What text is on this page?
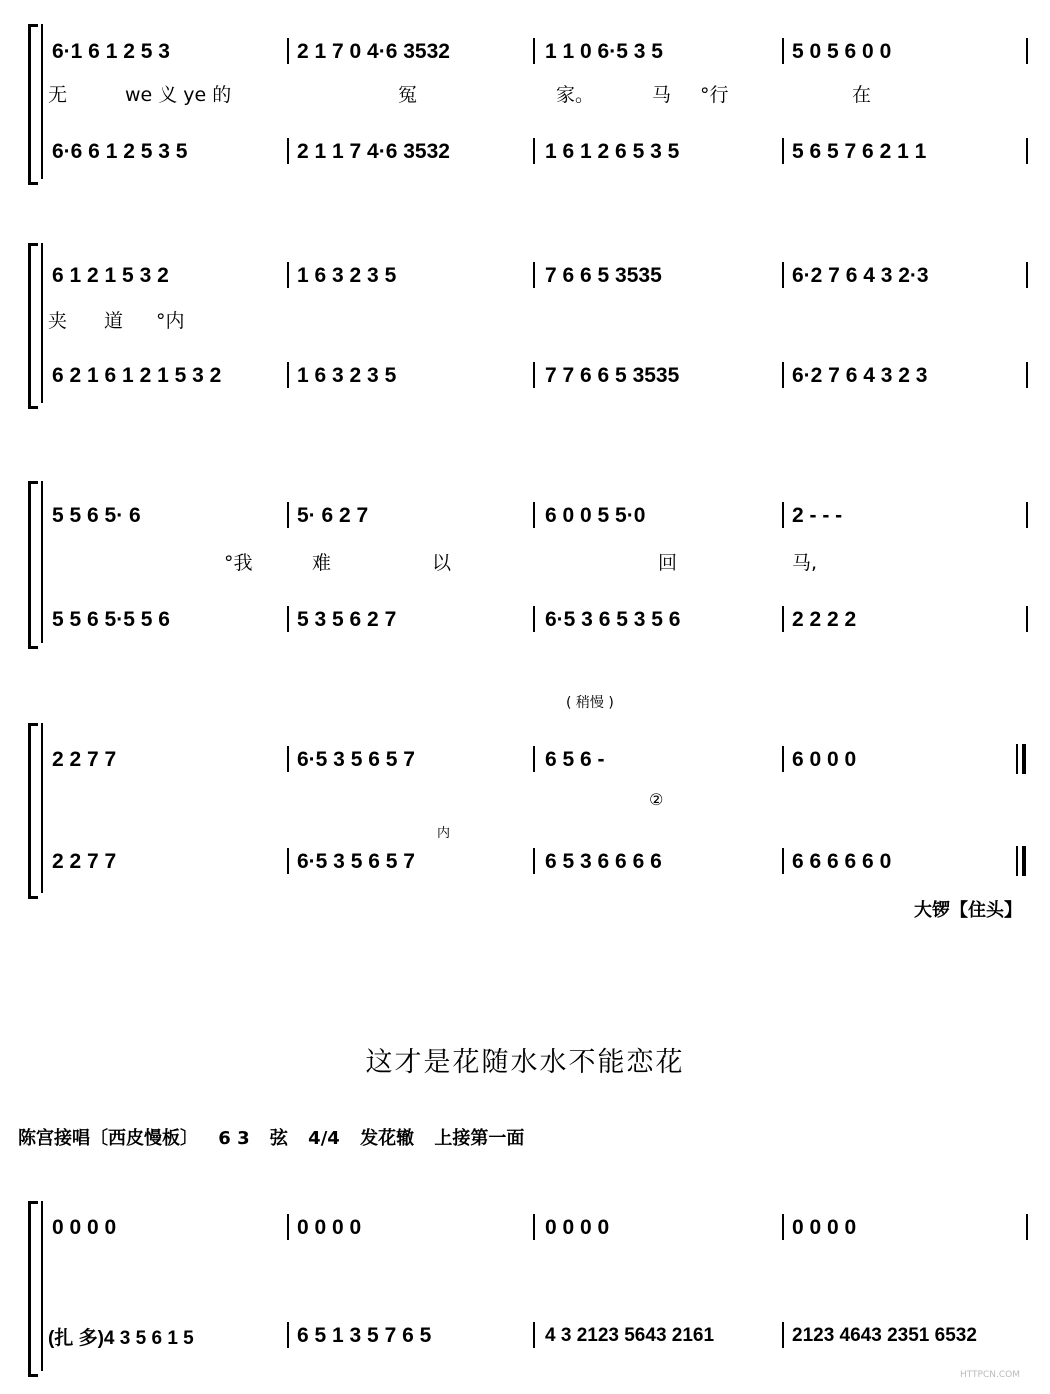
6·1 6 1 2 5 3	2 1 7 0 4·6 3532	1 1 0 6·5 3 5	5 0 5 6 0 0
无	we 义 ye 的	冤	家。	马 °行	在
6·6 6 1 2 5 3 5	2 1 1 7 4·6 3532	1 6 1 2 6 5 3 5	5 6 5 7 6 2 1 1
6 1 2 1 5 3 2	1 6 3 2 3 5	7 6 6 5 3535	6·2 7 6 4 3 2·3
夹 道 °内
6 2 1 6 1 2 1 5 3 2	1 6 3 2 3 5	7 7 6 6 5 3535	6·2 7 6 4 3 2 3
5 5 6 5· 6	5· 6 2 7	6 0 0 5 5·0	2 - - -
°我	难	以	回	马,
5 5 6 5·5 5 6	5 3 5 6 2 7	6·5 3 6 5 3 5 6	2 2 2 2
( 稍慢 )
2 2 7 7	6·5 3 5 6 5 7	6 5 6 -	6 0 0 0
②
内
2 2 7 7	6·5 3 5 6 5 7	6 5 3 6 6 6 6	6 6 6 6 6 0
大锣【住头】
这才是花随水水不能恋花
陈宫接唱〔西皮慢板〕 6 3 弦 4/4 发花辙 上接第一面
0 0 0 0	0 0 0 0	0 0 0 0	0 0 0 0
(扎 多)4 3 5 6 1 5	6 5 1 3 5 7 6 5	4 3 2123 5643 2161	2123 4643 2351 6532
HTTPCN.COM
